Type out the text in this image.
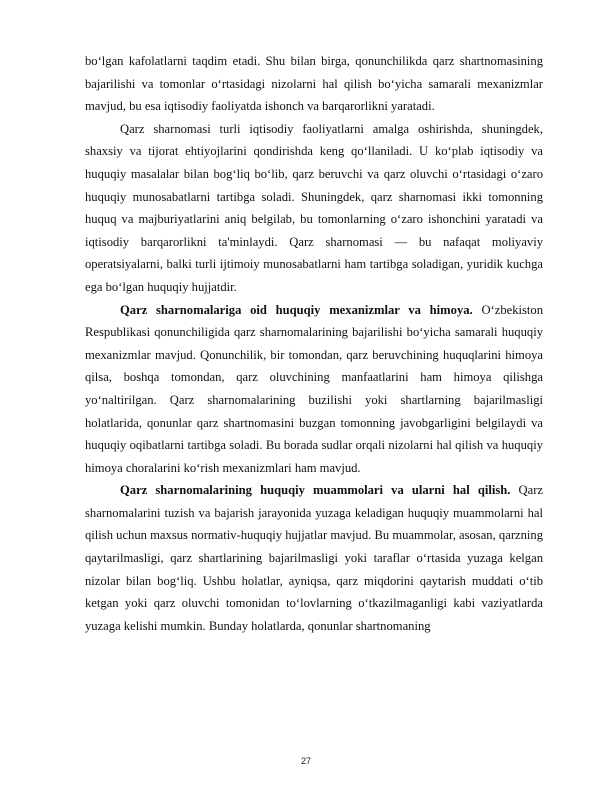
bo‘lgan kafolatlarni taqdim etadi. Shu bilan birga, qonunchilikda qarz shartnomasining bajarilishi va tomonlar o‘rtasidagi nizolarni hal qilish bo‘yicha samarali mexanizmlar mavjud, bu esa iqtisodiy faoliyatda ishonch va barqarorlikni yaratadi.

Qarz sharnomasi turli iqtisodiy faoliyatlarni amalga oshirishda, shuningdek, shaxsiy va tijorat ehtiyojlarini qondirishda keng qo‘llaniladi. U ko‘plab iqtisodiy va huquqiy masalalar bilan bog‘liq bo‘lib, qarz beruvchi va qarz oluvchi o‘rtasidagi o‘zaro huquqiy munosabatlarni tartibga soladi. Shuningdek, qarz sharnomasi ikki tomonning huquq va majburiyatlarini aniq belgilab, bu tomonlarning o‘zaro ishonchini yaratadi va iqtisodiy barqarorlikni ta'minlaydi. Qarz sharnomasi — bu nafaqat moliyaviy operatsiyalarni, balki turli ijtimoiy munosabatlarni ham tartibga soladigan, yuridik kuchga ega bo‘lgan huquqiy hujjatdir.

Qarz sharnomalariga oid huquqiy mexanizmlar va himoya. O‘zbekiston Respublikasi qonunchiligida qarz sharnomalarining bajarilishi bo‘yicha samarali huquqiy mexanizmlar mavjud. Qonunchilik, bir tomondan, qarz beruvchining huquqlarini himoya qilsa, boshqa tomondan, qarz oluvchining manfaatlarini ham himoya qilishga yo‘naltirilgan. Qarz sharnomalarining buzilishi yoki shartlarning bajarilmasligi holatlarida, qonunlar qarz shartnomasini buzgan tomonning javobgarligini belgilaydi va huquqiy oqibatlarni tartibga soladi. Bu borada sudlar orqali nizolarni hal qilish va huquqiy himoya choralarini ko‘rish mexanizmlari ham mavjud.

Qarz sharnomalarining huquqiy muammolari va ularni hal qilish. Qarz sharnomalarini tuzish va bajarish jarayonida yuzaga keladigan huquqiy muammolarni hal qilish uchun maxsus normativ-huquqiy hujjatlar mavjud. Bu muammolar, asosan, qarzning qaytarilmasligi, qarz shartlarining bajarilmasligi yoki taraflar o‘rtasida yuzaga kelgan nizolar bilan bog‘liq. Ushbu holatlar, ayniqsa, qarz miqdorini qaytarish muddati o‘tib ketgan yoki qarz oluvchi tomonidan to‘lovlarning o‘tkazilmaganligi kabi vaziyatlarda yuzaga kelishi mumkin. Bunday holatlarda, qonunlar shartnomaning

27
